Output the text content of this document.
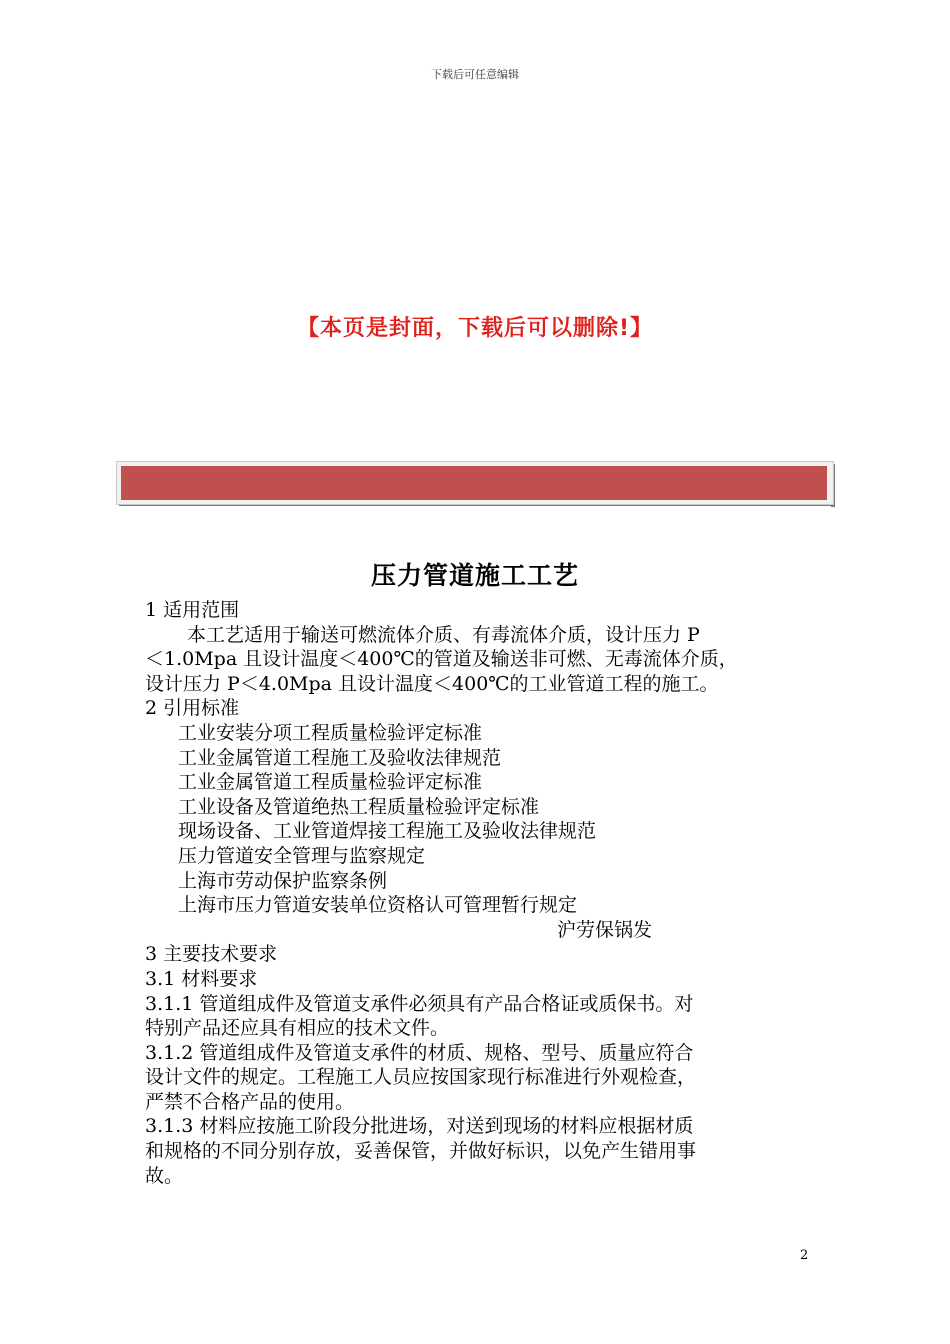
下载后可任意编辑
【本页是封面，下载后可以删除!】
压力管道施工工艺
1 适用范围
本工艺适用于输送可燃流体介质、有毒流体介质，设计压力 P
＜1.0Mpa 且设计温度＜400℃的管道及输送非可燃、无毒流体介质，
设计压力 P＜4.0Mpa 且设计温度＜400℃的工业管道工程的施工。
2 引用标准
工业安装分项工程质量检验评定标准
工业金属管道工程施工及验收法律规范
工业金属管道工程质量检验评定标准
工业设备及管道绝热工程质量检验评定标准
现场设备、工业管道焊接工程施工及验收法律规范
压力管道安全管理与监察规定
上海市劳动保护监察条例
上海市压力管道安装单位资格认可管理暂行规定
沪劳保锅发
3 主要技术要求
3.1 材料要求
3.1.1 管道组成件及管道支承件必须具有产品合格证或质保书。对
特别产品还应具有相应的技术文件。
3.1.2 管道组成件及管道支承件的材质、规格、型号、质量应符合
设计文件的规定。工程施工人员应按国家现行标准进行外观检查，
严禁不合格产品的使用。
3.1.3 材料应按施工阶段分批进场，对送到现场的材料应根据材质
和规格的不同分别存放，妥善保管，并做好标识，以免产生错用事
故。
2
